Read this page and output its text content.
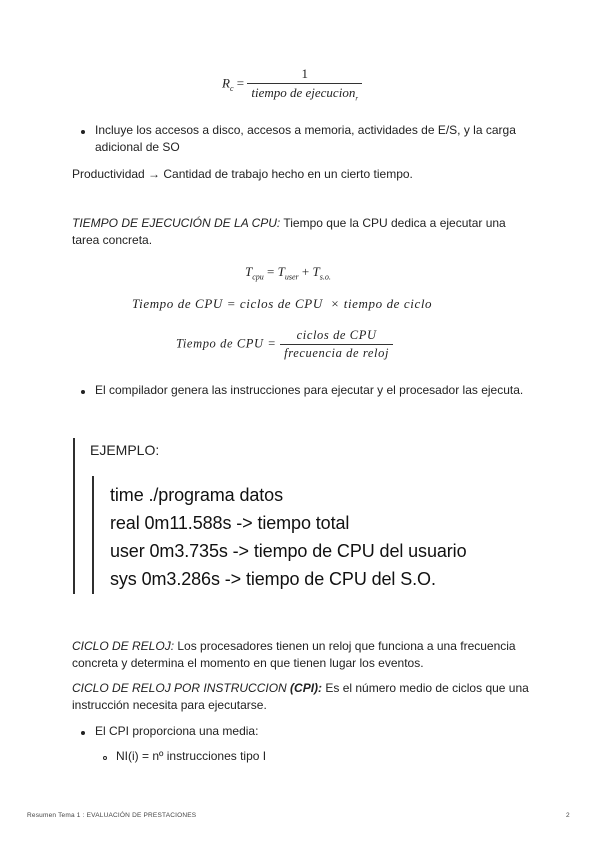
$R_c = \frac{1}{tiempo de ejecucion_r}$
Incluye los accesos a disco, accesos a memoria, actividades de E/S, y la carga adicional de SO
Productividad → Cantidad de trabajo hecho en un cierto tiempo.
TIEMPO DE EJECUCIÓN DE LA CPU: Tiempo que la CPU dedica a ejecutar una tarea concreta.
$T_{cpu} = T_{user} + T_{s.o.}$
Tiempo de CPU = ciclos de CPU  × tiempo de ciclo
Tiempo de CPU = $\frac{\text{ciclos de CPU}}{\text{frecuencia de reloj}}$
El compilador genera las instrucciones para ejecutar y el procesador las ejecuta.
EJEMPLO:
time ./programa datos
real 0m11.588s -> tiempo total
user 0m3.735s -> tiempo de CPU del usuario
sys 0m3.286s -> tiempo de CPU del S.O.
CICLO DE RELOJ: Los procesadores tienen un reloj que funciona a una frecuencia concreta y determina el momento en que tienen lugar los eventos.
CICLO DE RELOJ POR INSTRUCCION (CPI): Es el número medio de ciclos que una instrucción necesita para ejecutarse.
El CPI proporciona una media:
NI(i) = nº instrucciones tipo I
Resumen Tema 1 : EVALUACIÓN DE PRESTACIONES	2
